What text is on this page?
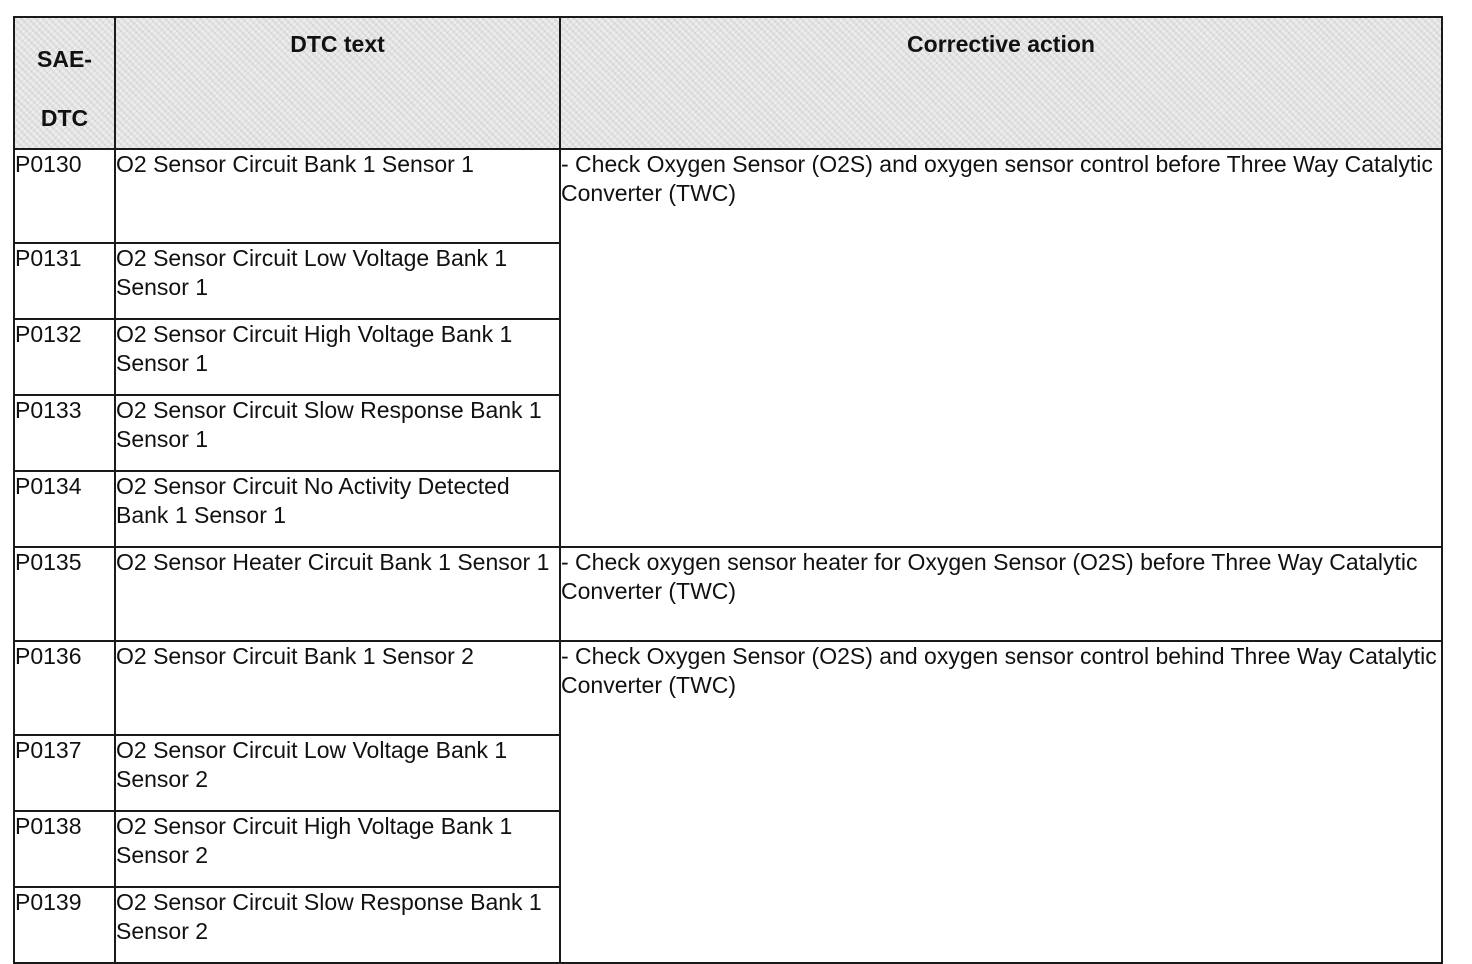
SAE-
DTC	DTC text	Corrective action

P0130	O2 Sensor Circuit Bank 1 Sensor 1	- Check Oxygen Sensor (O2S) and oxygen sensor control before Three Way Catalytic Converter (TWC)
P0131	O2 Sensor Circuit Low Voltage Bank 1 Sensor 1	
P0132	O2 Sensor Circuit High Voltage Bank 1 Sensor 1	
P0133	O2 Sensor Circuit Slow Response Bank 1 Sensor 1	
P0134	O2 Sensor Circuit No Activity Detected Bank 1 Sensor 1	
P0135	O2 Sensor Heater Circuit Bank 1 Sensor 1	- Check oxygen sensor heater for Oxygen Sensor (O2S) before Three Way Catalytic Converter (TWC)
P0136	O2 Sensor Circuit Bank 1 Sensor 2	- Check Oxygen Sensor (O2S) and oxygen sensor control behind Three Way Catalytic Converter (TWC)
P0137	O2 Sensor Circuit Low Voltage Bank 1 Sensor 2	
P0138	O2 Sensor Circuit High Voltage Bank 1 Sensor 2	
P0139	O2 Sensor Circuit Slow Response Bank 1 Sensor 2	
